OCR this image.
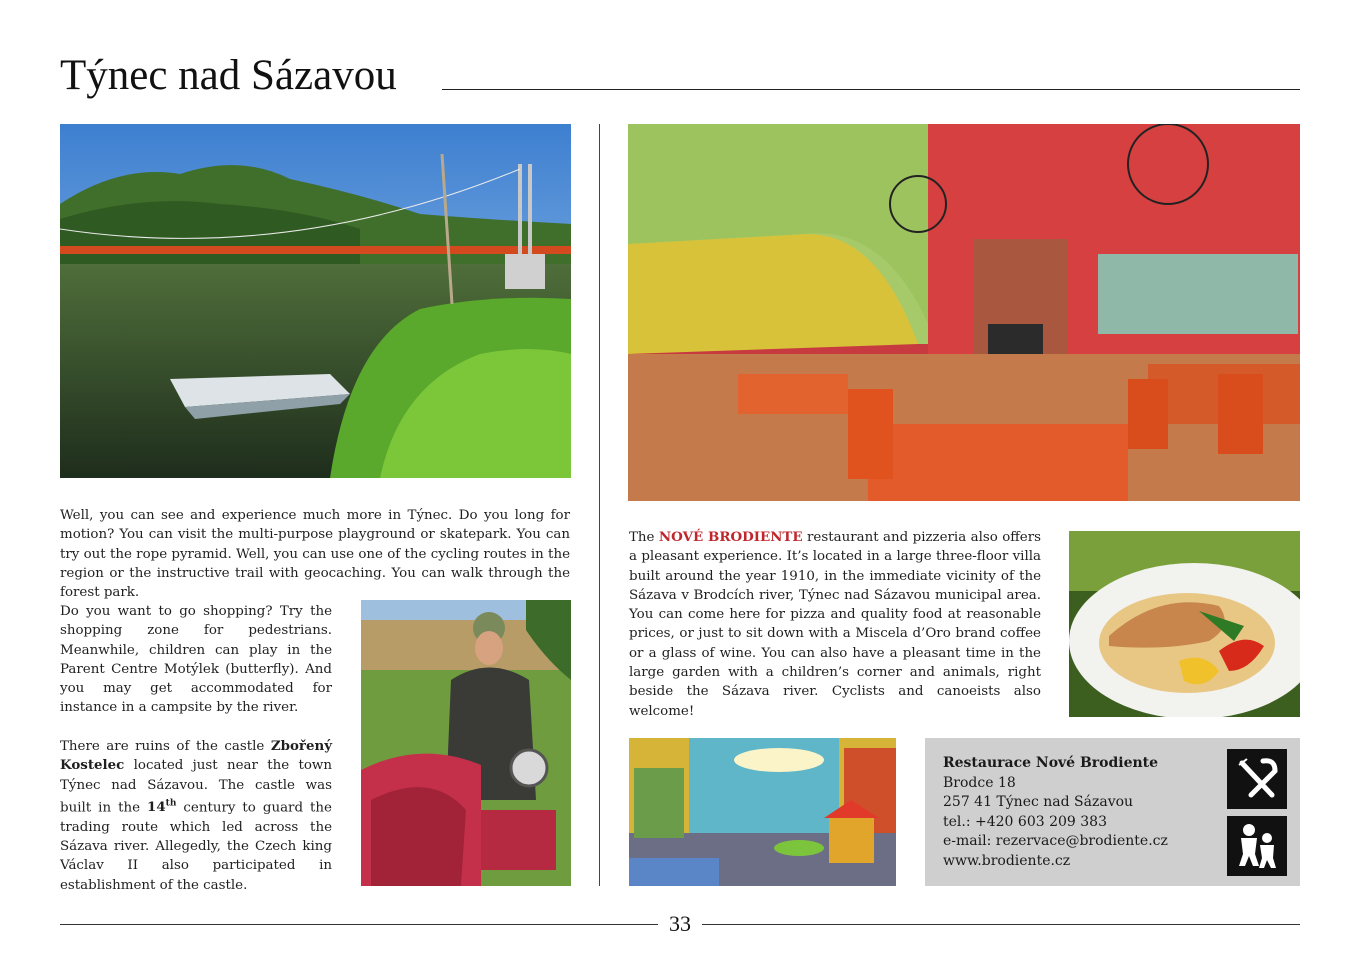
Týnec nad Sázavou

Well, you can see and experience much more in Týnec. Do you long for motion? You can visit the multi-purpose playground or skatepark. You can try out the rope pyramid. Well, you can use one of the cycling routes in the region or the instructive trail with geocaching. You can walk through the forest park.

Do you want to go shopping? Try the shopping zone for pedestrians. Meanwhile, children can play in the Parent Centre Motýlek (butterfly). And you may get accommodated for instance in a campsite by the river.

There are ruins of the castle Zbořený Kostelec located just near the town Týnec nad Sázavou. The castle was built in the 14th century to guard the trading route which led across the Sázava river. Allegedly, the Czech king Václav II also participated in establishment of the castle.

The NOVÉ BRODIENTE restaurant and pizzeria also offers a pleasant experience. It’s located in a large three-floor villa built around the year 1910, in the immediate vicinity of the Sázava v Brodcích river, Týnec nad Sázavou municipal area. You can come here for pizza and quality food at reasonable prices, or just to sit down with a Miscela d’Oro brand coffee or a glass of wine. You can also have a pleasant time in the large garden with a children’s corner and animals, right beside the Sázava river. Cyclists and canoeists also welcome!

Restaurace Nové Brodiente
Brodce 18
257 41 Týnec nad Sázavou
tel.: +420 603 209 383
e-mail: rezervace@brodiente.cz
www.brodiente.cz
33
